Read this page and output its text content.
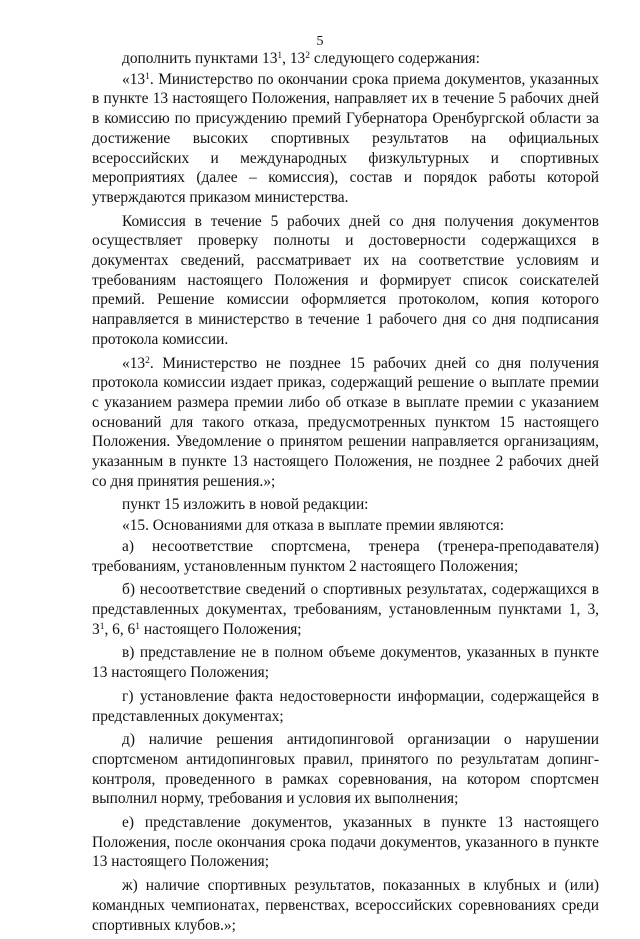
5

дополнить пунктами $13^1$, $13^2$ следующего содержания:

«$13^1$. Министерство по окончании срока приема документов, указанных в пункте 13 настоящего Положения, направляет их в течение 5 рабочих дней в комиссию по присуждению премий Губернатора Оренбургской области за достижение высоких спортивных результатов на официальных всероссийских и международных физкультурных и спортивных мероприятиях (далее – комиссия), состав и порядок работы которой утверждаются приказом министерства.

Комиссия в течение 5 рабочих дней со дня получения документов осуществляет проверку полноты и достоверности содержащихся в документах сведений, рассматривает их на соответствие условиям и требованиям настоящего Положения и формирует список соискателей премий. Решение комиссии оформляется протоколом, копия которого направляется в министерство в течение 1 рабочего дня со дня подписания протокола комиссии.

«$13^2$. Министерство не позднее 15 рабочих дней со дня получения протокола комиссии издает приказ, содержащий решение о выплате премии с указанием размера премии либо об отказе в выплате премии с указанием оснований для такого отказа, предусмотренных пунктом 15 настоящего Положения. Уведомление о принятом решении направляется организациям, указанным в пункте 13 настоящего Положения, не позднее 2 рабочих дней со дня принятия решения.»;

пункт 15 изложить в новой редакции:

«15. Основаниями для отказа в выплате премии являются:

а) несоответствие спортсмена, тренера (тренера-преподавателя) требованиям, установленным пунктом 2 настоящего Положения;

б) несоответствие сведений о спортивных результатах, содержащихся в представленных документах, требованиям, установленным пунктами 1, 3, $3^1$, 6, $6^1$ настоящего Положения;

в) представление не в полном объеме документов, указанных в пункте 13 настоящего Положения;

г) установление факта недостоверности информации, содержащейся в представленных документах;

д) наличие решения антидопинговой организации о нарушении спортсменом антидопинговых правил, принятого по результатам допинг-контроля, проведенного в рамках соревнования, на котором спортсмен выполнил норму, требования и условия их выполнения;

е) представление документов, указанных в пункте 13 настоящего Положения, после окончания срока подачи документов, указанного в пункте 13 настоящего Положения;

ж) наличие спортивных результатов, показанных в клубных и (или) командных чемпионатах, первенствах, всероссийских соревнованиях среди спортивных клубов.»;
